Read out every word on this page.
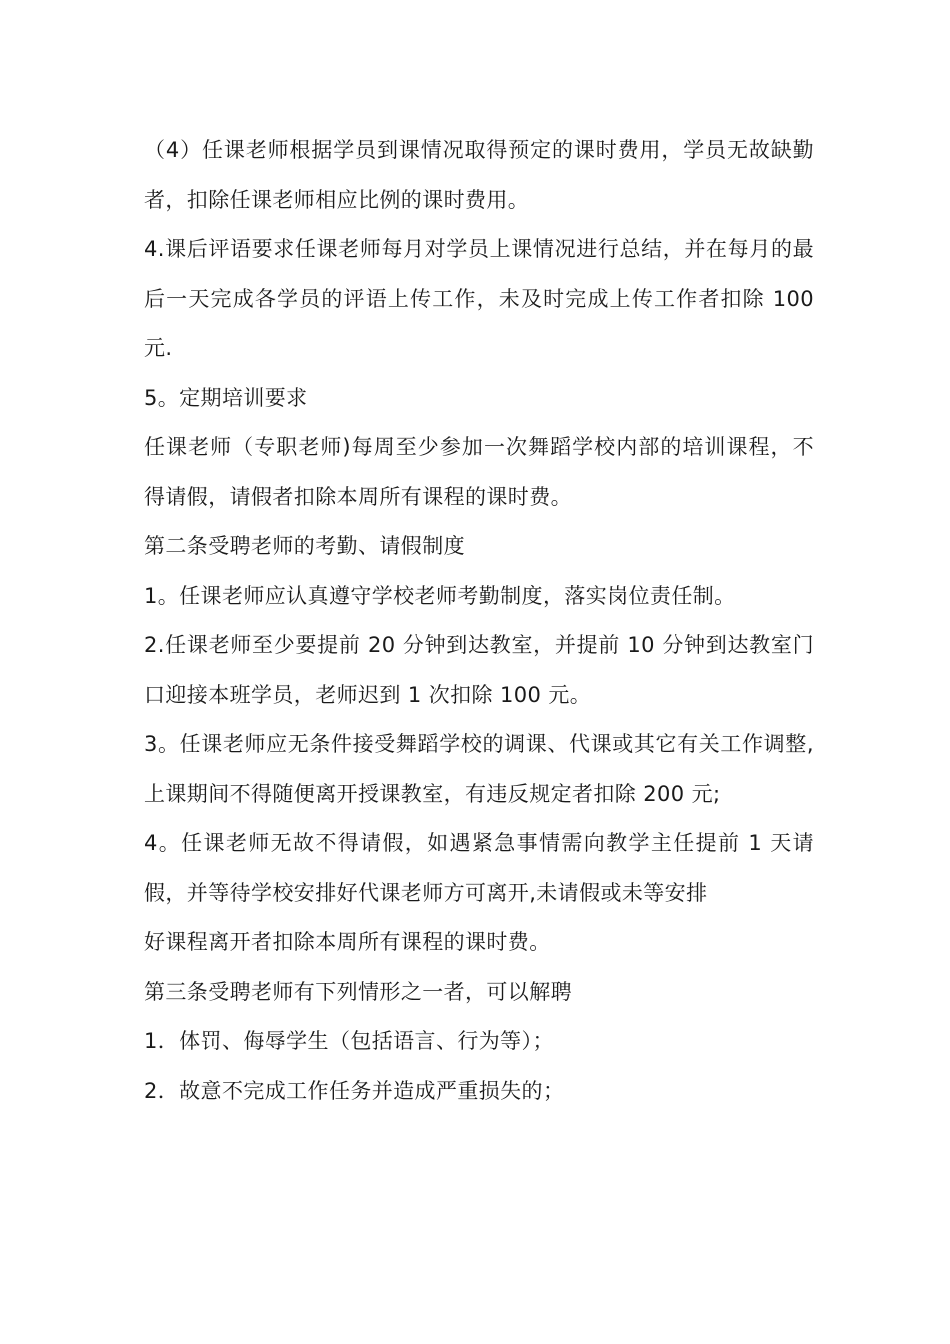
（4）任课老师根据学员到课情况取得预定的课时费用，学员无故缺勤者，扣除任课老师相应比例的课时费用。

4.课后评语要求任课老师每月对学员上课情况进行总结，并在每月的最后一天完成各学员的评语上传工作，未及时完成上传工作者扣除 100 元.

5。定期培训要求

任课老师（专职老师)每周至少参加一次舞蹈学校内部的培训课程，不得请假，请假者扣除本周所有课程的课时费。

第二条受聘老师的考勤、请假制度

1。任课老师应认真遵守学校老师考勤制度，落实岗位责任制。

2.任课老师至少要提前 20 分钟到达教室，并提前 10 分钟到达教室门口迎接本班学员，老师迟到 1 次扣除 100 元。

3。任课老师应无条件接受舞蹈学校的调课、代课或其它有关工作调整,上课期间不得随便离开授课教室，有违反规定者扣除 200 元;

4。任课老师无故不得请假，如遇紧急事情需向教学主任提前 1 天请假，并等待学校安排好代课老师方可离开,未请假或未等安排

好课程离开者扣除本周所有课程的课时费。

第三条受聘老师有下列情形之一者，可以解聘

1．体罚、侮辱学生（包括语言、行为等）；

2．故意不完成工作任务并造成严重损失的；
